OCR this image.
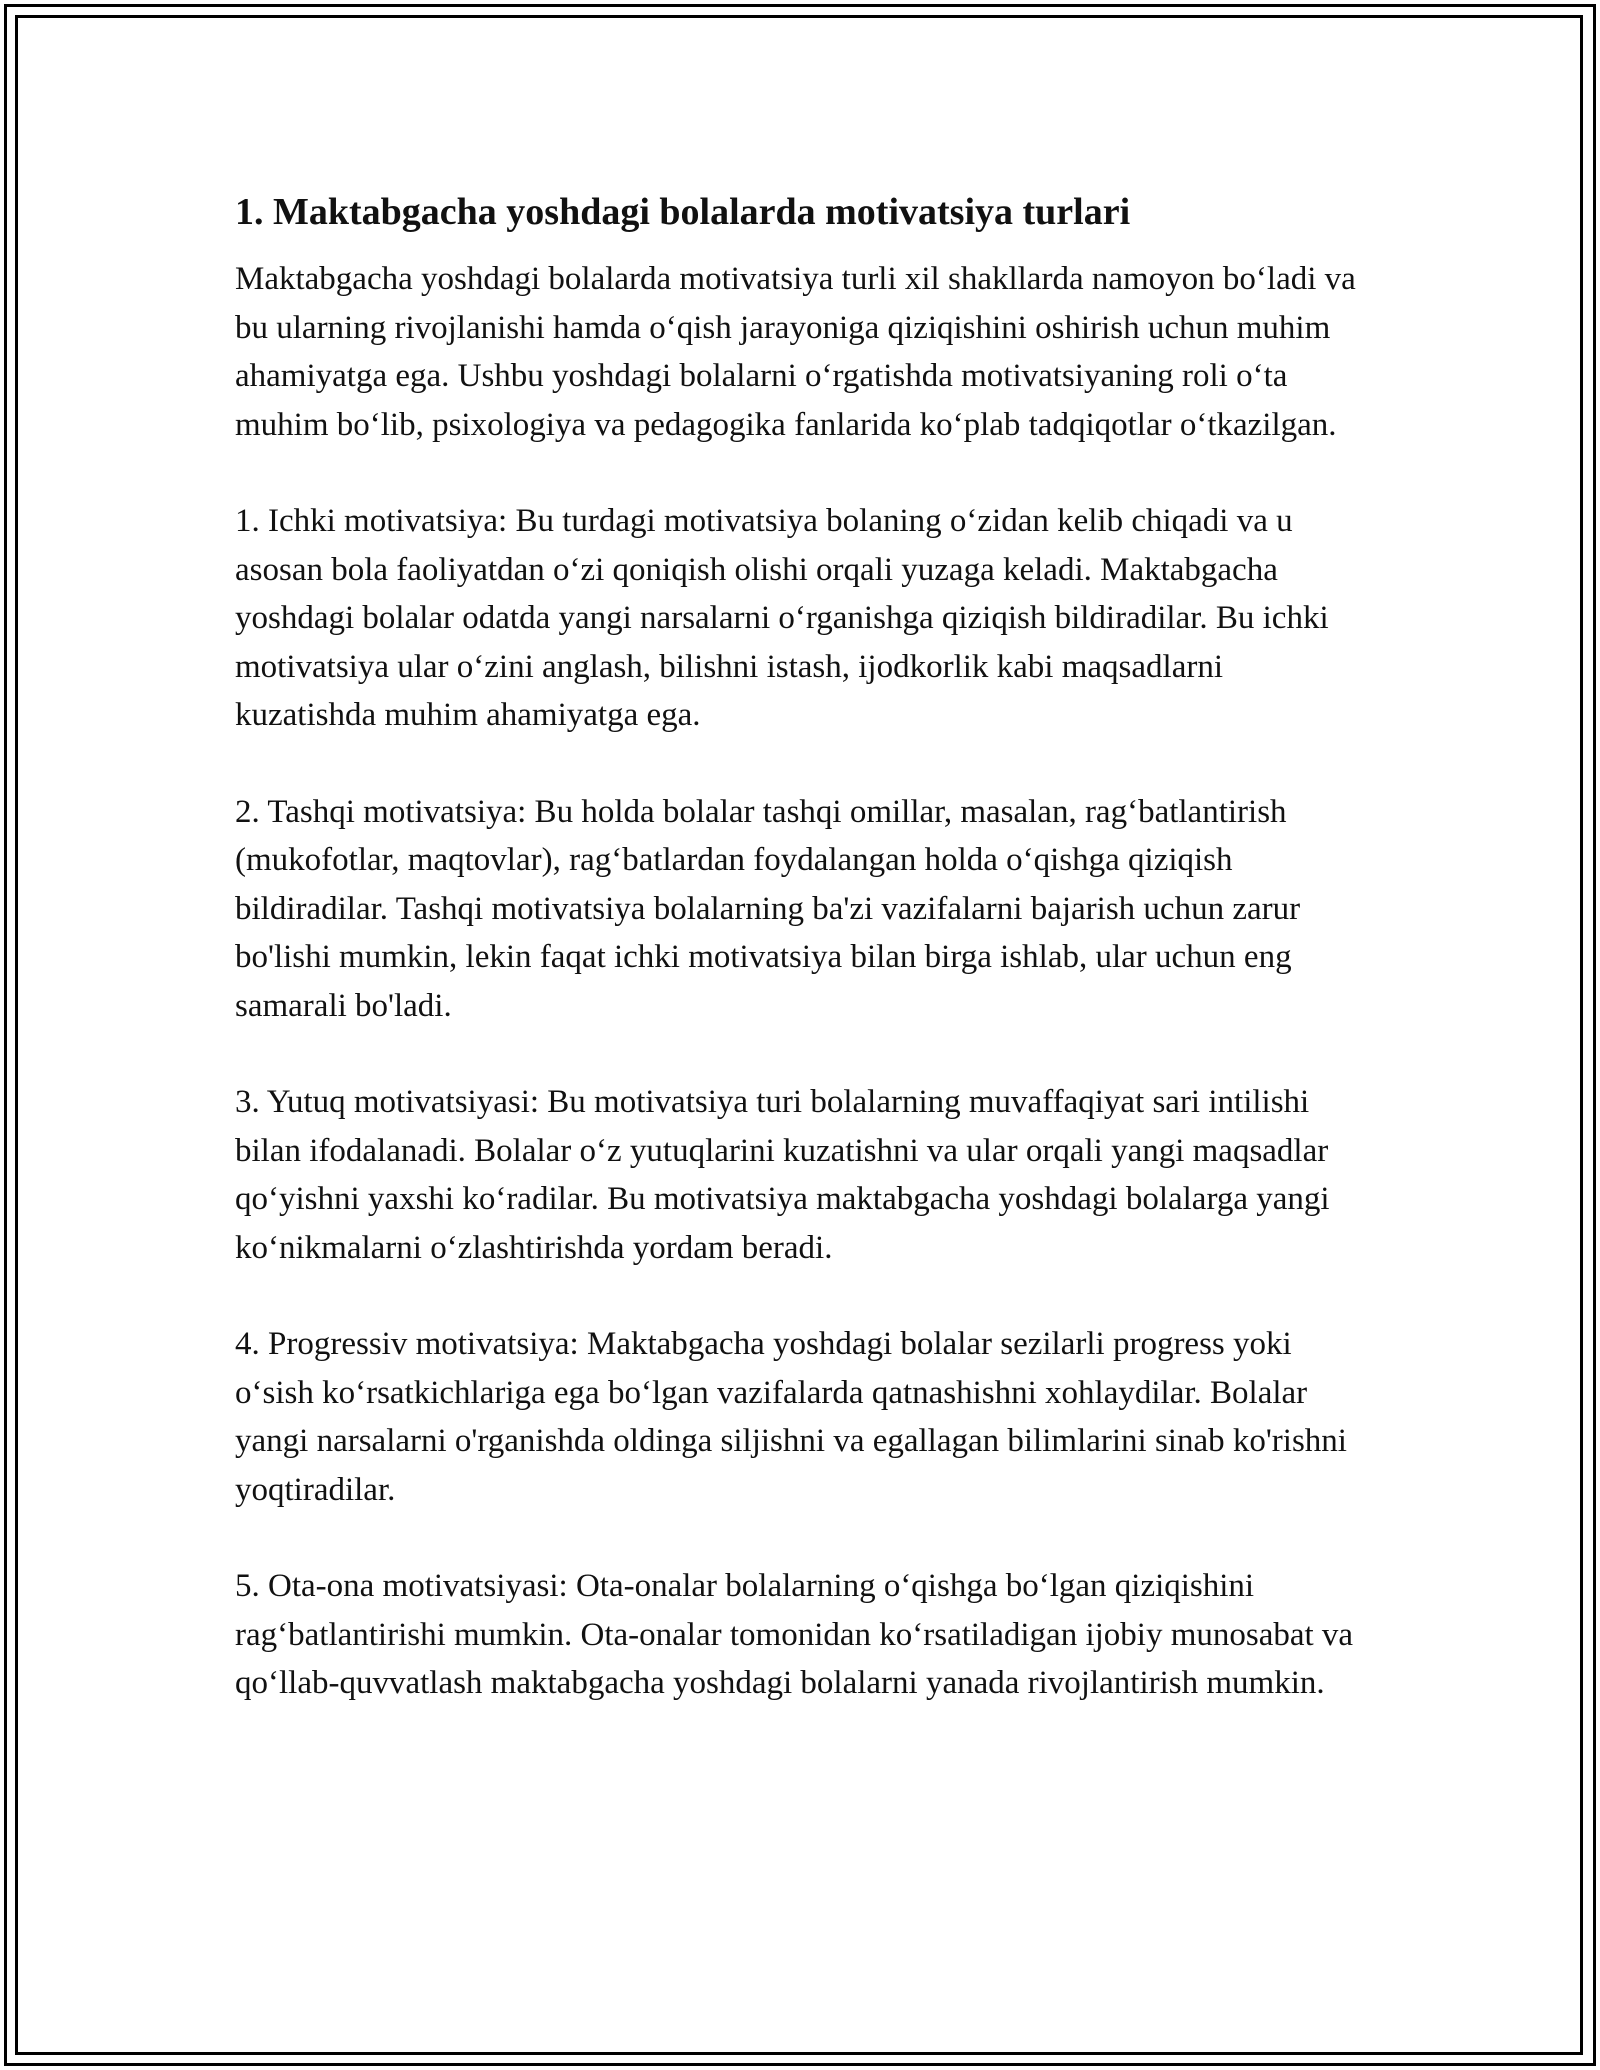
1. Maktabgacha yoshdagi bolalarda motivatsiya turlari

Maktabgacha yoshdagi bolalarda motivatsiya turli xil shakllarda namoyon bo‘ladi va bu ularning rivojlanishi hamda o‘qish jarayoniga qiziqishini oshirish uchun muhim ahamiyatga ega. Ushbu yoshdagi bolalarni o‘rgatishda motivatsiyaning roli o‘ta muhim bo‘lib, psixologiya va pedagogika fanlarida ko‘plab tadqiqotlar o‘tkazilgan.

1. Ichki motivatsiya: Bu turdagi motivatsiya bolaning o‘zidan kelib chiqadi va u asosan bola faoliyatdan o‘zi qoniqish olishi orqali yuzaga keladi. Maktabgacha yoshdagi bolalar odatda yangi narsalarni o‘rganishga qiziqish bildiradilar. Bu ichki motivatsiya ular o‘zini anglash, bilishni istash, ijodkorlik kabi maqsadlarni kuzatishda muhim ahamiyatga ega.

2. Tashqi motivatsiya: Bu holda bolalar tashqi omillar, masalan, rag‘batlantirish (mukofotlar, maqtovlar), rag‘batlardan foydalangan holda o‘qishga qiziqish bildiradilar. Tashqi motivatsiya bolalarning ba'zi vazifalarni bajarish uchun zarur bo'lishi mumkin, lekin faqat ichki motivatsiya bilan birga ishlab, ular uchun eng samarali bo'ladi.

3. Yutuq motivatsiyasi: Bu motivatsiya turi bolalarning muvaffaqiyat sari intilishi bilan ifodalanadi. Bolalar o‘z yutuqlarini kuzatishni va ular orqali yangi maqsadlar qo‘yishni yaxshi ko‘radilar. Bu motivatsiya maktabgacha yoshdagi bolalarga yangi ko‘nikmalarni o‘zlashtirishda yordam beradi.

4. Progressiv motivatsiya: Maktabgacha yoshdagi bolalar sezilarli progress yoki o‘sish ko‘rsatkichlariga ega bo‘lgan vazifalarda qatnashishni xohlaydilar. Bolalar yangi narsalarni o'rganishda oldinga siljishni va egallagan bilimlarini sinab ko'rishni yoqtiradilar.

5. Ota-ona motivatsiyasi: Ota-onalar bolalarning o‘qishga bo‘lgan qiziqishini rag‘batlantirishi mumkin. Ota-onalar tomonidan ko‘rsatiladigan ijobiy munosabat va qo‘llab-quvvatlash maktabgacha yoshdagi bolalarni yanada rivojlantirish mumkin.
